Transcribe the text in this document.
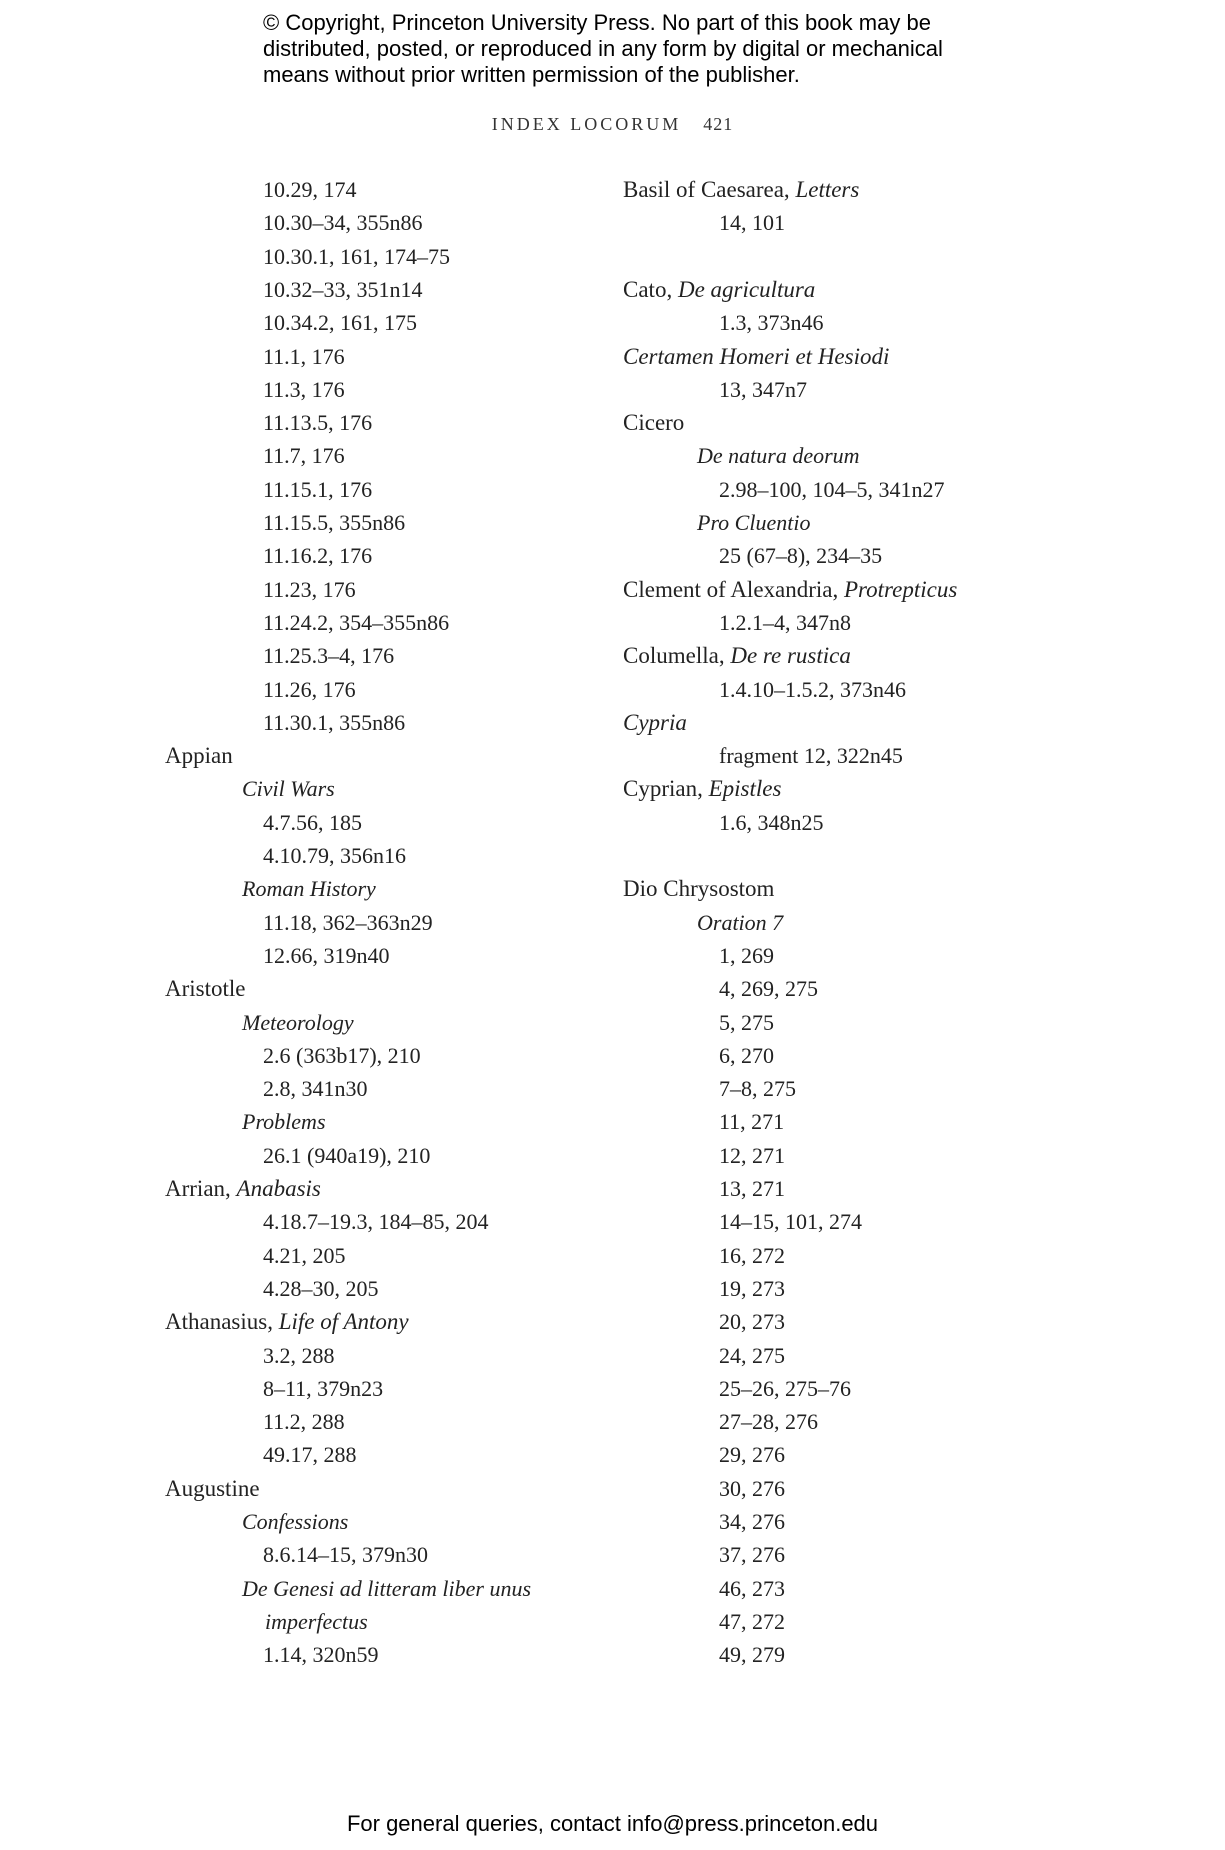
© Copyright, Princeton University Press. No part of this book may be
distributed, posted, or reproduced in any form by digital or mechanical
means without prior written permission of the publisher.
INDEX LOCORUM 421
10.29, 174
10.30–34, 355n86
10.30.1, 161, 174–75
10.32–33, 351n14
10.34.2, 161, 175
11.1, 176
11.3, 176
11.13.5, 176
11.7, 176
11.15.1, 176
11.15.5, 355n86
11.16.2, 176
11.23, 176
11.24.2, 354–355n86
11.25.3–4, 176
11.26, 176
11.30.1, 355n86
Appian
Civil Wars
4.7.56, 185
4.10.79, 356n16
Roman History
11.18, 362–363n29
12.66, 319n40
Aristotle
Meteorology
2.6 (363b17), 210
2.8, 341n30
Problems
26.1 (940a19), 210
Arrian, Anabasis
4.18.7–19.3, 184–85, 204
4.21, 205
4.28–30, 205
Athanasius, Life of Antony
3.2, 288
8–11, 379n23
11.2, 288
49.17, 288
Augustine
Confessions
8.6.14–15, 379n30
De Genesi ad litteram liber unus
imperfectus
1.14, 320n59
Basil of Caesarea, Letters
14, 101
Cato, De agricultura
1.3, 373n46
Certamen Homeri et Hesiodi
13, 347n7
Cicero
De natura deorum
2.98–100, 104–5, 341n27
Pro Cluentio
25 (67–8), 234–35
Clement of Alexandria, Protrepticus
1.2.1–4, 347n8
Columella, De re rustica
1.4.10–1.5.2, 373n46
Cypria
fragment 12, 322n45
Cyprian, Epistles
1.6, 348n25
Dio Chrysostom
Oration 7
1, 269
4, 269, 275
5, 275
6, 270
7–8, 275
11, 271
12, 271
13, 271
14–15, 101, 274
16, 272
19, 273
20, 273
24, 275
25–26, 275–76
27–28, 276
29, 276
30, 276
34, 276
37, 276
46, 273
47, 272
49, 279
For general queries, contact info@press.princeton.edu
